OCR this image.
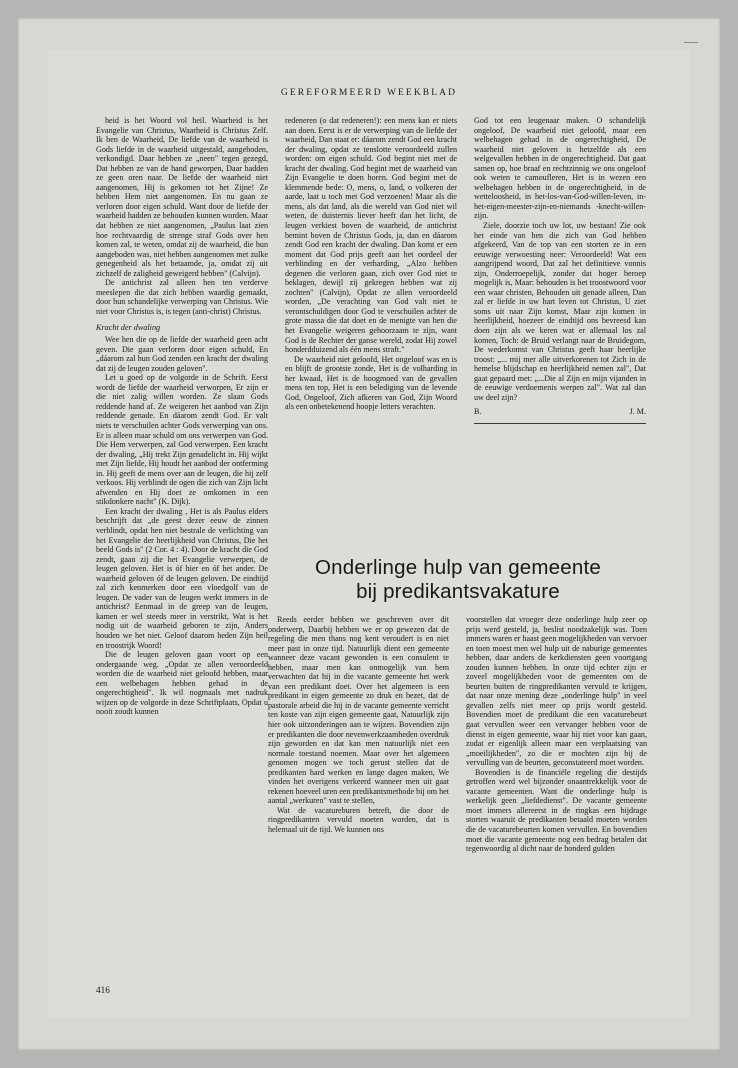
GEREFORMEERD WEEKBLAD

heid is het Woord vol heil. Waarheid is het Evangelie van Christus, Waarheid is Christus Zelf. Ik ben de Waarheid, De liefde van de waarheid is Gods liefde in de waarheid uitgestald, aangeboden, verkondigd. Daar hebben ze „neen" tegen gezegd, Dat hebben ze van de hand geworpen, Daar hadden ze geen oren naar. De liefde der waarheid niet aangenomen, Hij is gekomen tot het Zijne! Ze hebben Hem niet aangenomen. En nu gaan ze verloren door eigen schuld. Want door de liefde der waarheid hadden ze behouden kunnen worden. Maar dat hebben ze niet aangenomen, „Paulus laat zien hoe rechtvaardig de strenge straf Gods over hen komen zal, te weten, omdat zij de waarheid, die hun aangeboden was, niet hebben aangenomen met zulke genegenheid als het betaamde, ja, omdat zij uit zichzelf de zaligheid geweigerd hebben" (Calvijn).

De antichrist zal alleen hen ten verderve meeslepen die dat zich hebben waardig gemaakt, door hun schandelijke verwerping van Christus. Wie niet voor Christus is, is tegen (anti-christ) Christus.

Kracht der dwaling

Wee hen die op de liefde der waarheid geen acht geven. Die gaan verloren door eigen schuld, En „dáarom zal hun God zenden een kracht der dwaling dat zij de leugen zouden geloven".

Let u goed op de volgorde in de Schrift. Eerst wordt de liefde der waarheid verworpen, Er zijn er die niet zalig willen worden. Ze slaan Gods reddende hand af. Ze weigeren het aanbod van Zijn reddende genade. En dáarom zendt God. Er valt niets te verschuilen achter Gods verwerping van ons. Er is alleen maar schuld om ons verwerpen van God. Die Hem verwerpen, zal God verwerpen. Een kracht der dwaling, „Hij trekt Zijn genadelicht in. Hij wijkt met Zijn liefde, Hij houdt het aanbod der ontferming in. Hij geeft de mens over aan de leugen, die hij zelf verkoos. Hij verblindt de ogen die zich van Zijn licht afwenden en Hij doet ze omkomen in een stikdonkere nacht" (K. Dijk).

Een kracht der dwaling , Het is als Paulus elders beschrijft dat „de geest dezer eeuw de zinnen verblindt, opdat hen niet bestrale de verlichting van het Evangelie der heerlijkheid van Christus, Die het beeld Gods is" (2 Cor. 4 : 4). Door de kracht die God zendt, gaan zij die het Evangelie verwerpen, de leugen geloven. Het is óf hier en óf het ander. De waarheid geloven óf de leugen geloven. De eindtijd zal zich kenmerken door een vloedgolf van de leugen. De vader van de leugen werkt immers in de antichrist? Eenmaal in de greep van de leugen, kamen er wel steeds meer in verstrikt, Wat is het nodig uit de waarheid geboren te zijn, Anders houden we het niet. Geloof daarom heden Zijn heil en troostrijk Woord!

Die de leugen geloven gaan voort op een ondergaande weg. „Opdat ze allen veroordeeld worden die de waarheid niet geloofd hebben, maar een welbehagen hebben gehad in de ongerechtigheid". Ik wil nogmaals met nadruk wijzen op de volgorde in deze Schriftplaats, Opdat u nooit zoudt kunnen

redeneren (o dat redeneren!): een mens kan er niets aan doen. Eerst is er de verwerping van de liefde der waarheid, Dan staat er: dáarom zendt God een kracht der dwaling, opdat ze tenslotte veroordeeld zullen worden: om eigen schuld. God begint niet met de kracht der dwaling. God begint met de waarheid van Zijn Evangelie te doen horen. God begint met de klemmende bede: O, mens, o, land, o volkeren der aarde, laat u toch met God verzoenen! Maar als die mens, als dat land, als die wereld van God niet wil weten, de duisternis liever heeft dan het licht, de leugen verkiest boven de waarheid, de antichrist bemint boven de Christus Gods, ja, dan en dáarom zendt God een kracht der dwaling. Dan komt er een moment dat God prijs geeft aan het oordeel der verblinding en der verharding, „Alzo hebben degenen die verloren gaan, zich over God niet te beklagen, dewijl zij gekregen hebben wat zij zochten" (Calvijn), Opdat ze allen veroordeeld worden, „De verachting van God valt niet te verontschuldigen door God te verschuilen achter de grote massa die dat doet en de menigte van hen die het Evangelie weigeren gehoorzaam te zijn, want God is de Rechter der ganse wereld, zodat Hij zowel honderdduizend als één mens straft."

De waarheid niet geloofd, Het ongeloof was en is en blijft de grootste zonde, Het is de volharding in her kwaad, Het is de hoogmoed van de gevallen mens ten top, Het is een belediging van de levende God, Ongeloof, Zich afkeren van God, Zijn Woord als een onbetekenend hoopje letters verachten.

God tot een leugenaar maken. O schandelijk ongeloof, De waarheid niet geloofd, maar een welbehagen gehad in de ongerechtigheid, De waarheid niet geloven is hetzelfde als een welgevallen hebben in de ongerechtigheid. Dat gaat samen op, hoe braaf en rechtzinnig we ons ongeloof ook weten te camoufleren, Het is in wezen een welbehagen hebben in de ongerechtigheid, in de wetteloosheid, in het-los-van-God-willen-leven, in-het-eigen-meester-zijn-en-niemands -knecht-willen-zijn.

Ziele, doorzie toch uw lot, uw bestaan! Zie ook het einde van hen die zich van God hebben afgekeerd, Van de top van een storten ze in een eeuwige verwoesting neer: Veroordeeld! Wat een aangrijpend woord, Dat zal het definitieve vonnis zijn, Onderroepelijk, zonder dat hoger beroep mogelijk is, Maar: behouden is het troostwoord voor een waar christen, Behouden uit genade alleen, Dan zal er liefde in uw hart leven tot Christus, U ziet soms uit naar Zijn komst, Maar zijn komen in heerlijkheid, hoezeer de eindtijd ons bevreesd kan doen zijn als we keren wat er allemaal los zal komen, Toch: de Bruid verlangt naar de Bruidegom, De wederkomst van Christus geeft haar heerlijke troost: „... mij mer alle uitverkorenen tot Zich in de hemelse blijdschap en heerlijkheid nemen zal", Dat gaat gepaard met: „...Die al Zijn en mijn vijanden in de eeuwige verdoemenis werpen zal". Wat zal dan uw deel zijn?

B.	J. M.
Onderlinge hulp van gemeente
bij predikantsvakature

Reeds eerder hebben we geschreven over dit onderwerp, Daarbij hebben we er op gewezen dat de regeling die men thans nog kent veroudert is en niet meer past in onze tijd. Natuurlijk dient een gemeente wanneer deze vacant gewonden is een consulent te hebben, maar men kan onmogelijk van hem verwachten dat hij in die vacante gemeente het werk van een predikant doet. Over het algemeen is een predikant in eigen gemeente zo druk en bezet, dat de pastorale arbeid die hij in de vacante gemeente verricht ten koste van zijn eigen gemeente gaat, Natuurlijk zijn hier ook uitzonderingen aan te wijzen. Bovendien zijn er predikanten die door nevenwerkzaamheden overdruk zijn geworden en dat kan men natuurlijk niet een normale toestand noemen. Maar over het algemeen genomen mogen we toch gerust stellen dat de predikanten hard werken en lange dagen maken, We vinden het overigens verkeerd wanneer men uit gaat rekenen hoeveel uren een predikantsmethode bij om het aantal „werkuren" vast te stellen,

Wat de vacatureburen betreft, die door de ringpredikanten vervuld moeten worden, dat is helemaal uit de tijd. We kunnen ons

voorstellen dat vroeger deze onderlinge hulp zeer op prijs werd gesteld, ja, beslist noodzakelijk was. Toen immers waren er haast geen mogelijkheden van vervoer en toen moest men wel hulp uit de naburige gemeentes hebben, daar anders de kerkdiensten geen voortgang zouden kunnen hebben. In onze tijd echter zijn er zoveel mogelijkheden voor de gemeenten om de beurten buiten de ringpredikanten vervuld te krijgen, dat naar onze mening deze „onderlinge hulp" in veel gevallen zelfs niet meer op prijs wordt gesteld. Bovendien moet de predikant die een vacaturebeurt gaat vervullen weer een vervanger hebben voor de dienst in eigen gemeente, waar hij niet voor kan gaan, zodat er eigenlijk alleen maar een verplaatsing van „moeilijkheden", zo die er mochten zijn bij de vervulling van de beurten, geconstateerd moet worden.

Bovendien is de financiële regeling die destijds getroffen werd wel bijzonder onaantrekkelijk voor de vacante gemeenten. Want die onderlinge hulp is werkelijk geen „liefdedienst". De vacante gemeente moet immers allereerst in de ringkas een bijdrage storten waaruit de predikanten betaald moeten worden die de vacaturebeurten komen vervullen. En bovendien moet die vacante gemeente nog een bedrag betalen dat tegenwoordig al dicht naar de honderd gulden

416
